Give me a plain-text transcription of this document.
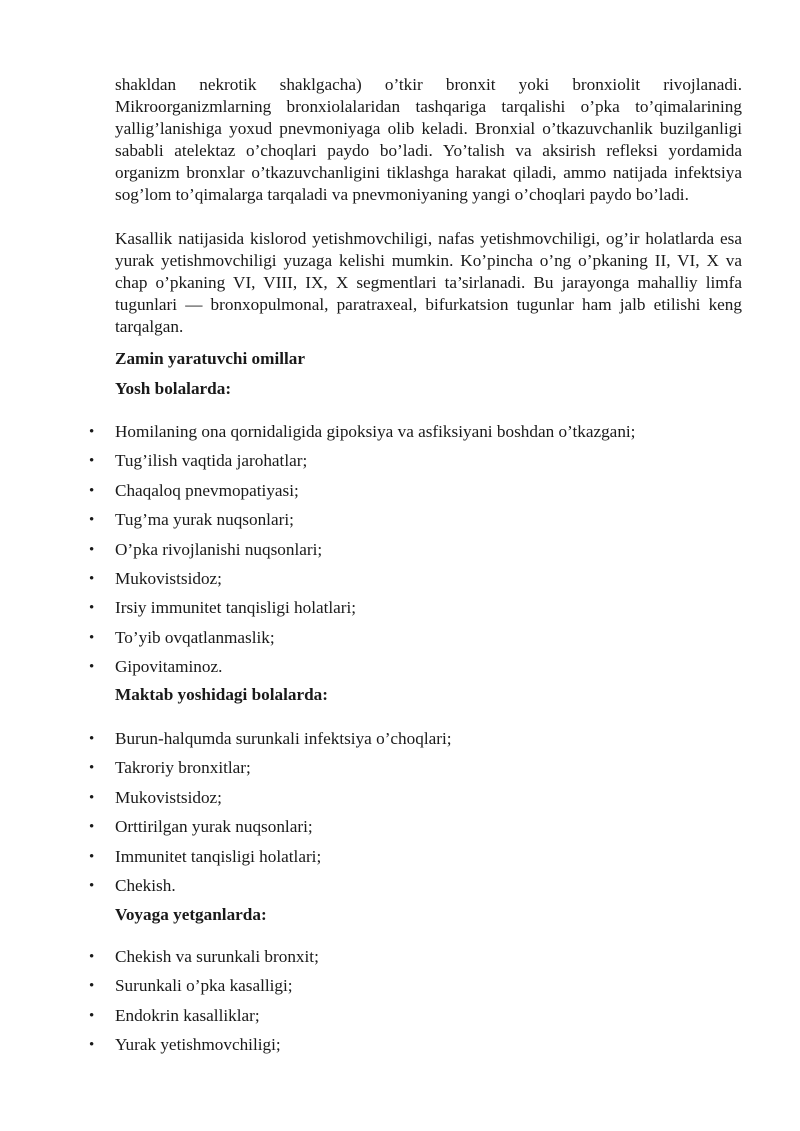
shakldan nekrotik shaklgacha) o’tkir bronxit yoki bronxiolit rivojlanadi. Mikroorganizmlarning bronxiolalaridan tashqariga tarqalishi o’pka to’qimalarining yallig’lanishiga yoxud pnevmoniyaga olib keladi. Bronxial o’tkazuvchanlik buzilganligi sababli atelektaz o’choqlari paydo bo’ladi. Yo’talish va aksirish refleksi yordamida organizm bronxlar o’tkazuvchanligini tiklashga harakat qiladi, ammo natijada infektsiya sog’lom to’qimalarga tarqaladi va pnevmoniyaning yangi o’choqlari paydo bo’ladi.

Kasallik natijasida kislorod yetishmovchiligi, nafas yetishmovchiligi, og’ir holatlarda esa yurak yetishmovchiligi yuzaga kelishi mumkin. Ko’pincha o’ng o’pkaning II, VI, X va chap o’pkaning VI, VIII, IX, X segmentlari ta’sirlanadi. Bu jarayonga mahalliy limfa tugunlari — bronxopulmonal, paratraxeal, bifurkatsion tugunlar ham jalb etilishi keng tarqalgan.

Zamin yaratuvchi omillar
Yosh bolalarda:
• Homilaning ona qornidaligida gipoksiya va asfiksiyani boshdan o’tkazgani;
• Tug’ilish vaqtida jarohatlar;
• Chaqaloq pnevmopatiyasi;
• Tug’ma yurak nuqsonlari;
• O’pka rivojlanishi nuqsonlari;
• Mukovistsidoz;
• Irsiy immunitet tanqisligi holatlari;
• To’yib ovqatlanmaslik;
• Gipovitaminoz.
Maktab yoshidagi bolalarda:
• Burun-halqumda surunkali infektsiya o’choqlari;
• Takroriy bronxitlar;
• Mukovistsidoz;
• Orttirilgan yurak nuqsonlari;
• Immunitet tanqisligi holatlari;
• Chekish.
Voyaga yetganlarda:
• Chekish va surunkali bronxit;
• Surunkali o’pka kasalligi;
• Endokrin kasalliklar;
• Yurak yetishmovchiligi;
